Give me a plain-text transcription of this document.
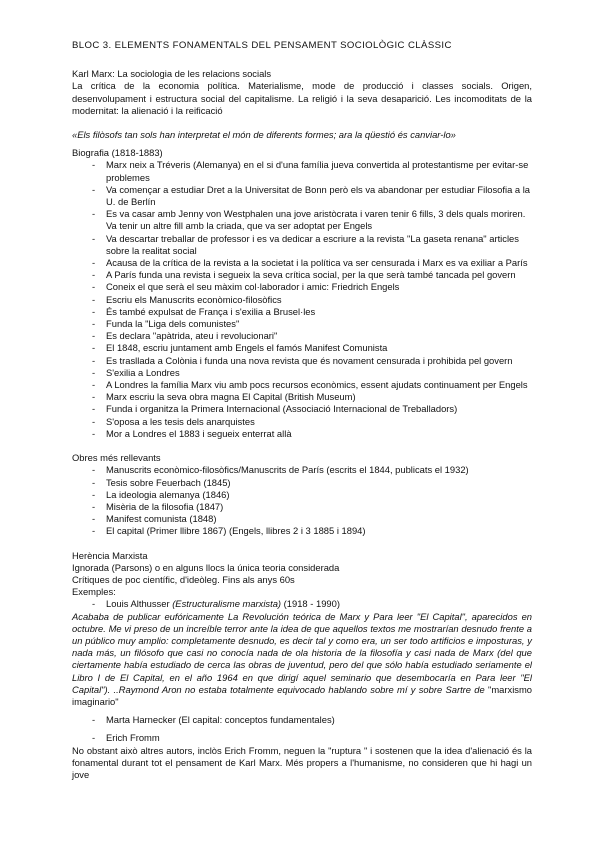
BLOC 3. ELEMENTS FONAMENTALS DEL PENSAMENT SOCIOLÒGIC CLÀSSIC

Karl Marx: La sociologia de les relacions socials

La crítica de la economia política. Materialisme, mode de producció i classes socials. Origen, desenvolupament i estructura social del capitalisme. La religió i la seva desaparició. Les incomoditats de la modernitat: la alienació i la reificació

«Els filòsofs tan sols han interpretat el món de diferents formes; ara la qüestió és canviar-lo»

Biografia (1818-1883)

- Marx neix a Tréveris (Alemanya) en el si d'una família jueva convertida al protestantisme per evitar-se problemes
- Va començar a estudiar Dret a la Universitat de Bonn però els va abandonar per estudiar Filosofia a la U. de Berlín
- Es va casar amb Jenny von Westphalen una jove aristòcrata i varen tenir 6 fills, 3 dels quals moriren. Va tenir un altre fill amb la criada, que va ser adoptat per Engels
- Va descartar treballar de professor i es va dedicar a escriure a la revista "La gaseta renana" articles sobre la realitat social
- Acausa de la crítica de la revista a la societat i la política va ser censurada i Marx es va exiliar a París
- A París funda una revista i segueix la seva crítica social, per la que serà també tancada pel govern
- Coneix el que serà el seu màxim col·laborador i amic: Friedrich Engels
- Escriu els Manuscrits econòmico-filosòfics
- És també expulsat de França i s'exilia a Brusel·les
- Funda la "Liga dels comunistes"
- Es declara "apàtrida, ateu i revolucionari"
- El 1848, escriu juntament amb Engels el famós Manifest Comunista
- Es trasllada a Colònia i funda una nova revista que és novament censurada i prohibida pel govern
- S'exilia a Londres
- A Londres la família Marx viu amb pocs recursos econòmics, essent ajudats continuament per Engels
- Marx escriu la seva obra magna El Capital (British Museum)
- Funda i organitza la Primera Internacional (Associació Internacional de Treballadors)
- S'oposa a les tesis dels anarquistes
- Mor a Londres el 1883 i segueix enterrat allà

Obres més rellevants

- Manuscrits econòmico-filosòfics/Manuscrits de París (escrits el 1844, publicats el 1932)
- Tesis sobre Feuerbach (1845)
- La ideologia alemanya (1846)
- Misèria de la filosofia (1847)
- Manifest comunista (1848)
- El capital (Primer llibre 1867) (Engels, llibres 2 i 3 1885 i 1894)

Herència Marxista

Ignorada (Parsons) o en alguns llocs la única teoria considerada

Crítiques de poc científic, d'ideòleg. Fins als anys 60s

Exemples:

- Louis Althusser (Estructuralisme marxista) (1918 - 1990)

Acababa de publicar eufóricamente La Revolución teórica de Marx y Para leer "El Capital", aparecidos en octubre. Me vi preso de un increíble terror ante la idea de que aquellos textos me mostrarían desnudo frente a un público muy amplio: completamente desnudo, es decir tal y como era, un ser todo artificios e imposturas, y nada más, un filósofo que casi no conocía nada de ola historia de la filosofía y casi nada de Marx (del que ciertamente había estudiado de cerca las obras de juventud, pero del que sólo había estudiado seriamente el Libro I de El Capital, en el año 1964 en que dirigí aquel seminario que desembocaría en Para leer "El Capital"). ..Raymond Aron no estaba totalmente equivocado hablando sobre mí y sobre Sartre de "marxismo imaginario"

- Marta Harnecker (El capital: conceptos fundamentales)
- Erich Fromm

No obstant això altres autors, inclòs Erich Fromm, neguen la "ruptura " i sostenen que la idea d'alienació és la fonamental durant tot el pensament de Karl Marx. Més propers a l'humanisme, no consideren que hi hagi un jove
